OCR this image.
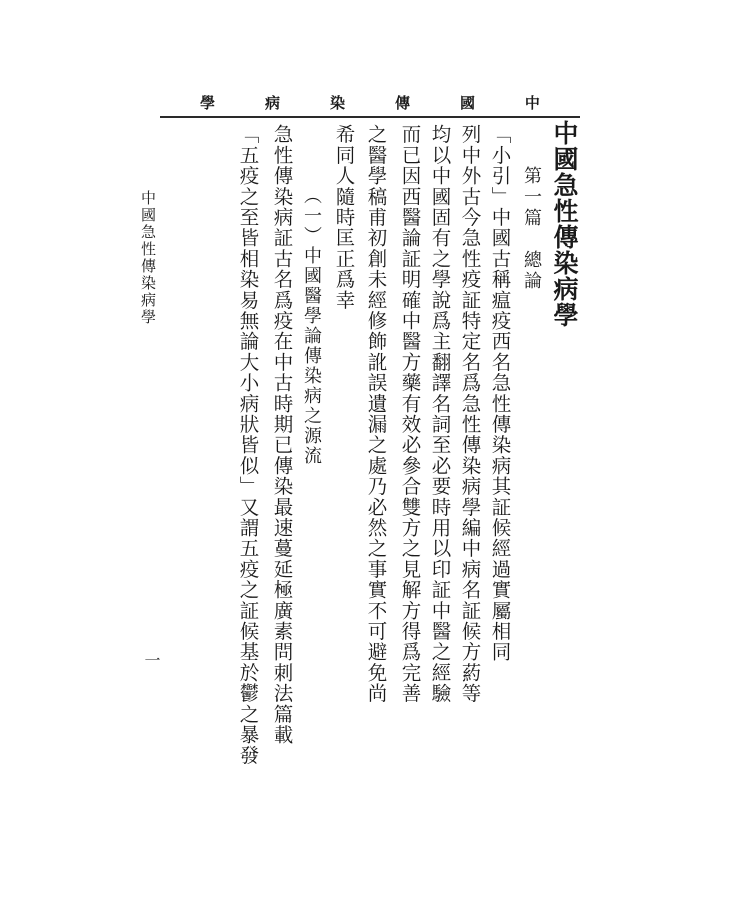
學	病	染	傳	國	中
中國急性傳染病學
第一篇　總論
「小引」中國古稱瘟疫西名急性傳染病其証候經過實屬相同
列中外古今急性疫証特定名爲急性傳染病學編中病名証候方葯等
均以中國固有之學說爲主翻譯名詞至必要時用以印証中醫之經驗
而已因西醫論証明確中醫方藥有效必參合雙方之見解方得爲完善
之醫學稿甫初創未經修飾訛誤遺漏之處乃必然之事實不可避免尚
希同人隨時匡正爲幸
（一）中國醫學論傳染病之源流
急性傳染病証古名爲疫在中古時期已傳染最速蔓延極廣素問刺法篇載
「五疫之至皆相染易無論大小病狀皆似」又謂五疫之証候基於鬱之暴發
中國急性傳染病學
一
